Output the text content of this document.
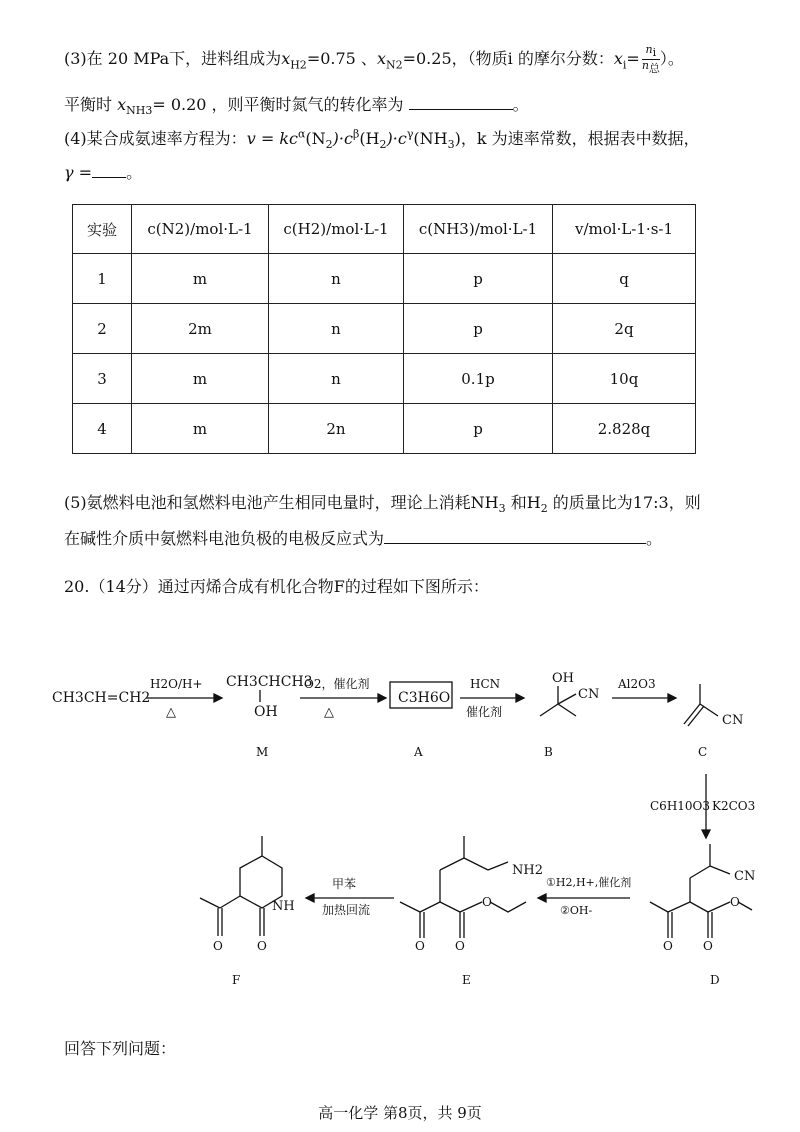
(3)在 20 MPa下，进料组成为$x_{H2}=0.75$ 、$x_{N2}=0.25$，（物质i 的摩尔分数：$x_i= \frac{n_i}{n_总}$ ）。
平衡时 $x_{NH3}= 0.20$ ，则平衡时氮气的转化率为	。
(4)某合成氨速率方程为：$v = kc^\alpha(N_2)\cdot c^\beta(H_2)\cdot c^\gamma(NH_3)$，k 为速率常数，根据表中数据，
γ = 。
实验	c(N2)/mol·L-1	c(H2)/mol·L-1	c(NH3)/mol·L-1	v/mol·L-1·s-1
1	m	n	p	q
2	2m	n	p	2q
3	m	n	0.1p	10q
4	m	2n	p	2.828q
(5)氨燃料电池和氢燃料电池产生相同电量时，理论上消耗$NH_3$ 和$H_2$ 的质量比为17:3，则
在碱性介质中氨燃料电池负极的电极反应式为	。
20.（14分）通过丙烯合成有机化合物F的过程如下图所示：
CH3CH=CH2
H2O/H+
△
CH3CHCH3
OH
O2，催化剂
△
C3H6O
HCN
催化剂
OH
CN
Al2O3
CN
M	A	B	C
C6H10O3 K2CO3
CN
①H2,H+,催化剂
②OH-
NH2
甲苯
加热回流
NH
F	E	D
O	O	O	O
O
O	O
O
回答下列问题：
高一化学 第8页，共 9页
